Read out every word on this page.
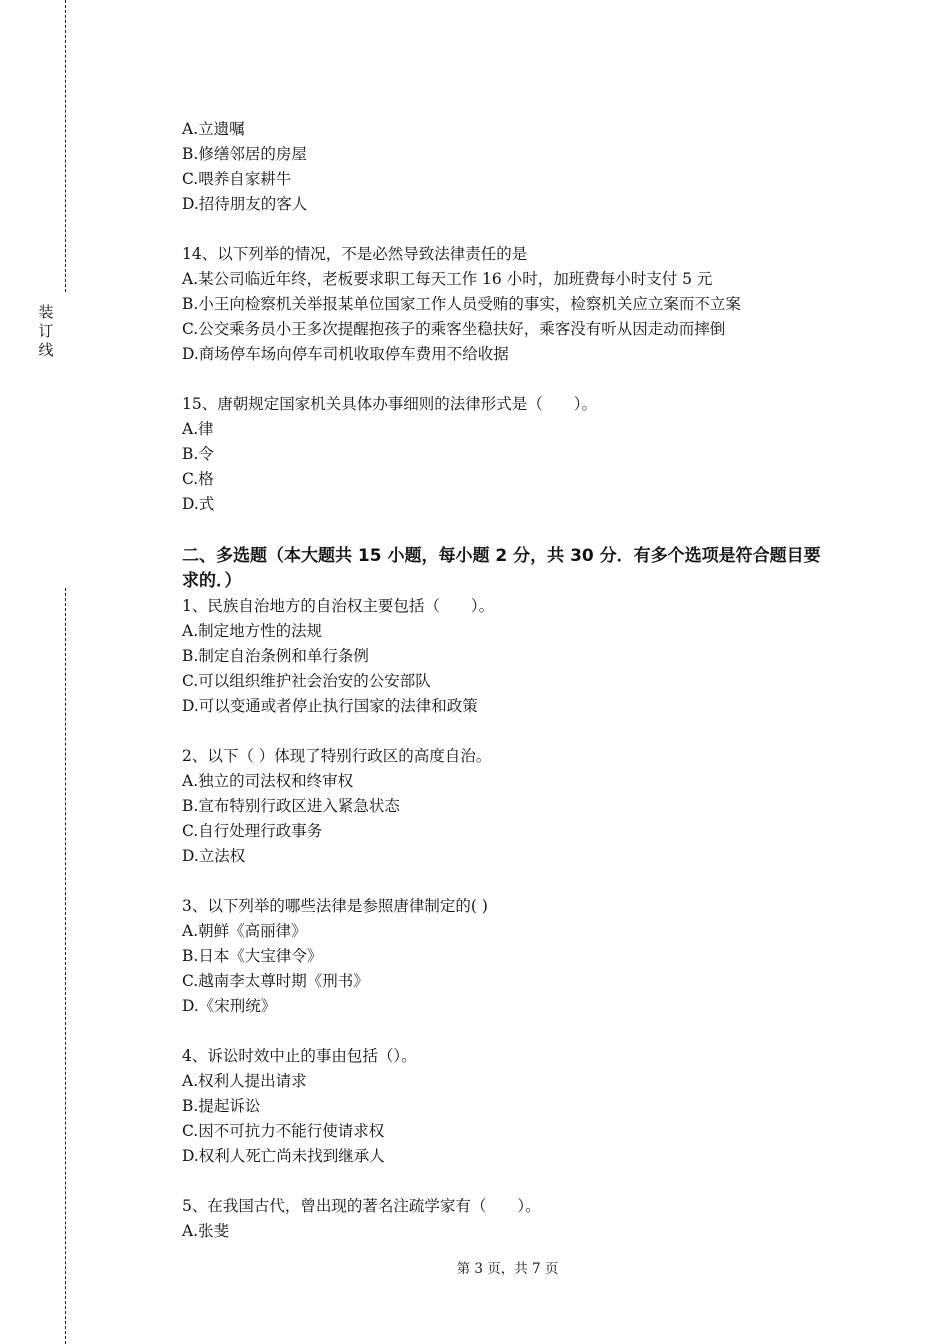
装
订
线
A.立遗嘱
B.修缮邻居的房屋
C.喂养自家耕牛
D.招待朋友的客人
14、以下列举的情况，不是必然导致法律责任的是
A.某公司临近年终，老板要求职工每天工作 16 小时，加班费每小时支付 5 元
B.小王向检察机关举报某单位国家工作人员受贿的事实，检察机关应立案而不立案
C.公交乘务员小王多次提醒抱孩子的乘客坐稳扶好，乘客没有听从因走动而摔倒
D.商场停车场向停车司机收取停车费用不给收据
15、唐朝规定国家机关具体办事细则的法律形式是（　　）。
A.律
B.令
C.格
D.式
二、多选题（本大题共 15 小题，每小题 2 分，共 30 分．有多个选项是符合题目要求的．）
1、民族自治地方的自治权主要包括（　　）。
A.制定地方性的法规
B.制定自治条例和单行条例
C.可以组织维护社会治安的公安部队
D.可以变通或者停止执行国家的法律和政策
2、以下（ ）体现了特别行政区的高度自治。
A.独立的司法权和终审权
B.宣布特别行政区进入紧急状态
C.自行处理行政事务
D.立法权
3、以下列举的哪些法律是参照唐律制定的( )
A.朝鲜《高丽律》
B.日本《大宝律令》
C.越南李太尊时期《刑书》
D.《宋刑统》
4、诉讼时效中止的事由包括（）。
A.权利人提出请求
B.提起诉讼
C.因不可抗力不能行使请求权
D.权利人死亡尚未找到继承人
5、在我国古代，曾出现的著名注疏学家有（　　）。
A.张斐
第 3 页，共 7 页
